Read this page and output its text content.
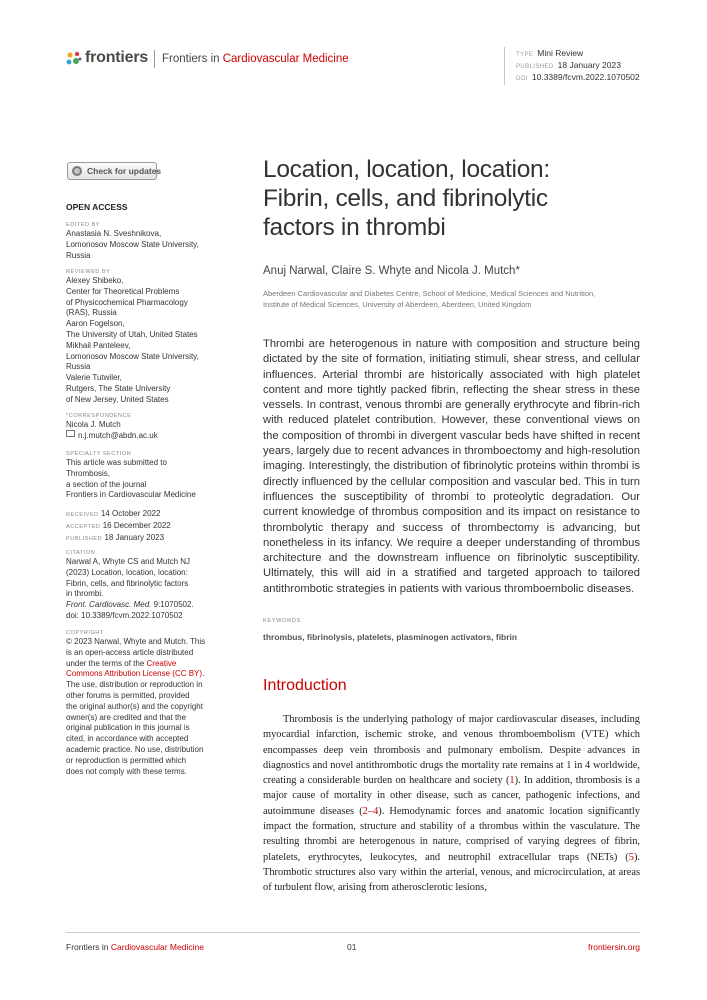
frontiers Frontiers in Cardiovascular Medicine	TYPE Mini Review
PUBLISHED 18 January 2023
DOI 10.3389/fcvm.2022.1070502
Check for updates
OPEN ACCESS
EDITED BY
Anastasia N. Sveshnikova,
Lomonosov Moscow State University,
Russia
REVIEWED BY
Alexey Shibeko,
Center for Theoretical Problems
of Physicochemical Pharmacology
(RAS), Russia
Aaron Fogelson,
The University of Utah, United States
Mikhail Panteleev,
Lomonosov Moscow State University,
Russia
Valerie Tutwiler,
Rutgers, The State University
of New Jersey, United States
*CORRESPONDENCE
Nicola J. Mutch
n.j.mutch@abdn.ac.uk
SPECIALTY SECTION
This article was submitted to
Thrombosis,
a section of the journal
Frontiers in Cardiovascular Medicine
RECEIVED 14 October 2022
ACCEPTED 16 December 2022
PUBLISHED 18 January 2023
CITATION
Narwal A, Whyte CS and Mutch NJ
(2023) Location, location, location:
Fibrin, cells, and fibrinolytic factors
in thrombi.
Front. Cardiovasc. Med. 9:1070502.
doi: 10.3389/fcvm.2022.1070502
COPYRIGHT
© 2023 Narwal, Whyte and Mutch. This
is an open-access article distributed
under the terms of the Creative
Commons Attribution License (CC BY).
The use, distribution or reproduction in
other forums is permitted, provided
the original author(s) and the copyright
owner(s) are credited and that the
original publication in this journal is
cited, in accordance with accepted
academic practice. No use, distribution
or reproduction is permitted which
does not comply with these terms.
Location, location, location:
Fibrin, cells, and fibrinolytic
factors in thrombi
Anuj Narwal, Claire S. Whyte and Nicola J. Mutch*
Aberdeen Cardiovascular and Diabetes Centre, School of Medicine, Medical Sciences and Nutrition,
Institute of Medical Sciences, University of Aberdeen, Aberdeen, United Kingdom
Thrombi are heterogenous in nature with composition and structure being dictated by the site of formation, initiating stimuli, shear stress, and cellular influences. Arterial thrombi are historically associated with high platelet content and more tightly packed fibrin, reflecting the shear stress in these vessels. In contrast, venous thrombi are generally erythrocyte and fibrin-rich with reduced platelet contribution. However, these conventional views on the composition of thrombi in divergent vascular beds have shifted in recent years, largely due to recent advances in thromboectomy and high-resolution imaging. Interestingly, the distribution of fibrinolytic proteins within thrombi is directly influenced by the cellular composition and vascular bed. This in turn influences the susceptibility of thrombi to proteolytic degradation. Our current knowledge of thrombus composition and its impact on resistance to thrombolytic therapy and success of thrombectomy is advancing, but nonetheless in its infancy. We require a deeper understanding of thrombus architecture and the downstream influence on fibrinolytic susceptibility. Ultimately, this will aid in a stratified and targeted approach to tailored antithrombotic strategies in patients with various thromboembolic diseases.
KEYWORDS
thrombus, fibrinolysis, platelets, plasminogen activators, fibrin
Introduction
Thrombosis is the underlying pathology of major cardiovascular diseases, including myocardial infarction, ischemic stroke, and venous thromboembolism (VTE) which encompasses deep vein thrombosis and pulmonary embolism. Despite advances in diagnostics and novel antithrombotic drugs the mortality rate remains at 1 in 4 worldwide, creating a considerable burden on healthcare and society (1). In addition, thrombosis is a major cause of mortality in other disease, such as cancer, pathogenic infections, and autoimmune diseases (2–4). Hemodynamic forces and anatomic location significantly impact the formation, structure and stability of a thrombus within the vasculature. The resulting thrombi are heterogenous in nature, comprised of varying degrees of fibrin, platelets, erythrocytes, leukocytes, and neutrophil extracellular traps (NETs) (5). Thrombotic structures also vary within the arterial, venous, and microcirculation, at areas of turbulent flow, arising from atherosclerotic lesions,
Frontiers in Cardiovascular Medicine	01	frontiersin.org
